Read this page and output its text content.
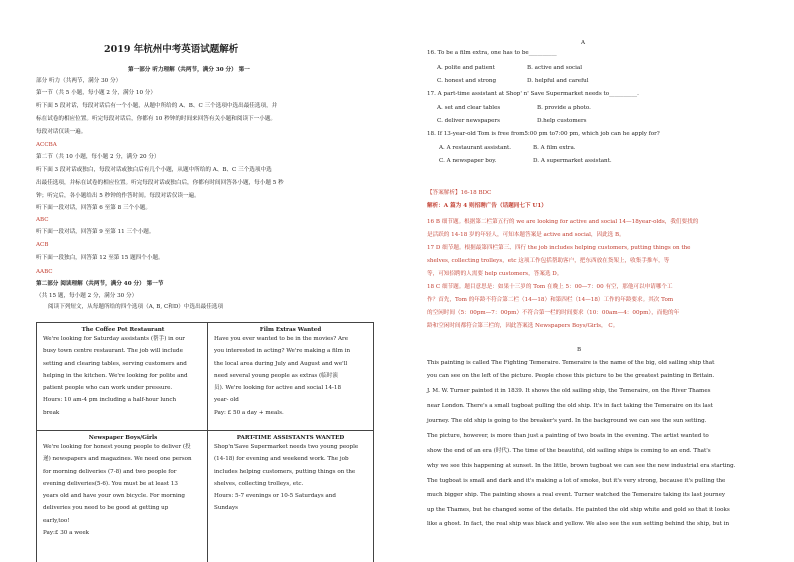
2019 年杭州中考英语试题解析
第一部分 听力理解（共两节，满分 30 分） 第一
部分 听力（共两节，满分 30 分）
第一节（共 5 小题，每小题 2 分，满分 10 分）
听下面 5 段对话，每段对话后有一个小题，从题中所给的 A、B、C 三个选项中选出最佳选项，并
标在试卷的相应位置。听完每段对话后，你都有 10 秒钟的时间来回答有关小题和阅读下一小题。
每段对话仅读一遍。
ACCBA
第二节（共 10 小题，每小题 2 分，满分 20 分）
听下面 3 段对话或独白，每段对话或独白后有几个小题，从题中所给的 A、B、C 三个选项中选
出最佳选项，并标在试卷的相应位置。听完每段对话或独白后，你都有时间回答各小题，每小题 5 秒
钟；听完后，各小题给出 5 秒钟的作答时间。每段对话仅读一遍。
听下面一段对话，回答第 6 至第 8 三个小题。
ABC
听下面一段对话，回答第 9 至第 11 三个小题。
ACB
听下面一段独白，回答第 12 至第 15 题四个小题。
AABC
第二部分 阅读理解（共两节，满分 40 分） 第一节
（共 15 题，每小题 2 分，满分 30 分）
阅读下列短文，从每题所给的四个选项（A, B, C和D）中选出最佳选项
The Coffee Pot Restaurant
We're looking for Saturday assistants (帮手) in our
busy town centre restaurant. The job will include
setting and clearing tables, serving customers and
helping in the kitchen. We're looking for polite and
patient people who can work under pressure.
Hours: 10 am-4 pm including a half-hour lunch
break
Film Extras Wanted
Have you ever wanted to be in the movies? Are
you interested in acting? We're making a film in
the local area during July and August and we'll
need several young people as extras (临时演
员). We're looking for active and social 14-18
year- old
Pay: £ 50 a day + meals.
Newspaper Boys/Girls
We're looking for honest young people to deliver (投
递) newspapers and magazines. We need one person
for morning deliveries (7-8) and two people for
evening deliveries(5-6). You must be at least 13
years old and have your own bicycle. For morning
deliveries you need to be good at getting up
early,too!
Pay:£ 30 a week
PART-TIME ASSISTANTS WANTED
Shop'n'Save Supermarket needs two young people
(14-18) for evening and weekend work. The job
includes helping customers, putting things on the
shelves, collecting trolleys, etc.
Hours: 5-7 evenings or 10-5 Saturdays and
Sundays
A
16. To be a film extra, one has to be__________
A. polite and patient	B. active and social
C. honest and strong	D. helpful and careful
17. A part-time assistant at Shop' n' Save Supermarket needs to__________.
A. set and clear tables	B. provide a photo.
C. deliver newspapers	D.help customers
18. If 13-year-old Tom is free from5:00 pm to7:00 pm, which job can he apply for?
A. A restaurant assistant.	B. A film extra.
C. A newspaper boy.	D. A supermarket assistant.
【答案解析】16-18 BDC
解析：A 篇为 4 则招聘广告（话题同七下 U1）
16 B 细节题。根据第二栏第五行的 we are looking for active and social 14—18year-olds，我们要找的
是活跃的 14-18 岁的年轻人，可知本题答案是 active and social，因此选 B。
17 D 细节题。根据最第四栏第三、四行 the job includes helping customers, putting things on the
shelves, collecting trolleys，etc 这项工作包括帮助客户，把东西放在货架上，收集手推车，等
等，可知招聘的人需要 help customers，答案选 D。
18 C 细节题。题目意思是：如果十三岁的 Tom 在晚上 5：00—7：00 有空，那他可以申请哪个工
作？首先，Tom 的年龄不符合第二栏（14—18）和第四栏（14—18）工作的年龄要求。其次 Tom
的空闲时间（5：00pm—7：00pm）不符合第一栏的时间要求（10：00am—4：00pm），而他的年
龄和空闲时间都符合第三栏的，因此答案选 Newspapers Boys/Girls， C。
B
This painting is called The Fighting Temeraire. Temeraire is the name of the big, old sailing ship that
you can see on the left of the picture. People chose this picture to be the greatest painting in Britain.
J. M. W. Turner painted it in 1839. It shows the old sailing ship, the Temeraire, on the River Thames
near London. There's a small tugboat pulling the old ship. It's in fact taking the Temeraire on its last
journey. The old ship is going to the breaker's yard. In the background we can see the sun setting.
The picture, however, is more than just a painting of two boats in the evening. The artist wanted to
show the end of an era (时代). The time of the beautiful, old sailing ships is coming to an end. That's
why we see this happening at sunset. In the little, brown tugboat we can see the new industrial era starting.
The tugboat is small and dark and it's making a lot of smoke, but it's very strong, because it's pulling the
much bigger ship. The painting shows a real event. Turner watched the Temeraire taking its last journey
up the Thames, but he changed some of the details. He painted the old ship white and gold so that it looks
like a ghost. In fact, the real ship was black and yellow. We also see the sun setting behind the ship, but in
